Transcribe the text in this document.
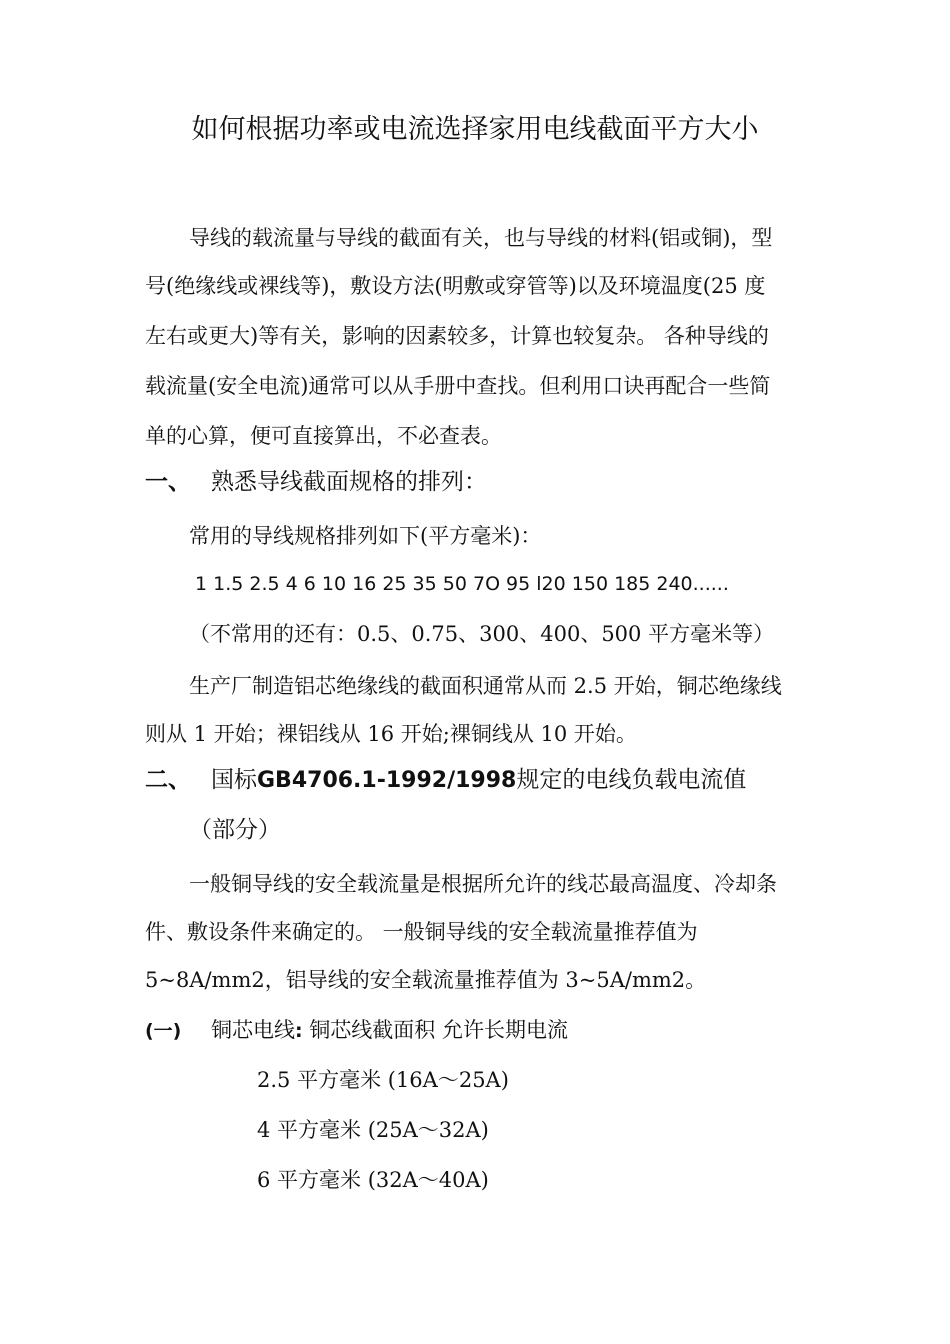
如何根据功率或电流选择家用电线截面平方大小
导线的载流量与导线的截面有关，也与导线的材料(铝或铜)，型
号(绝缘线或裸线等)，敷设方法(明敷或穿管等)以及环境温度(25 度
左右或更大)等有关，影响的因素较多，计算也较复杂。 各种导线的
载流量(安全电流)通常可以从手册中查找。但利用口诀再配合一些简
单的心算，便可直接算出，不必查表。
一、 熟悉导线截面规格的排列：
常用的导线规格排列如下(平方毫米)：
1 1.5 2.5 4 6 10 16 25 35 50 7O 95 l20 150 185 240......
（不常用的还有：0.5、0.75、300、400、500 平方毫米等）
生产厂制造铝芯绝缘线的截面积通常从而 2.5 开始，铜芯绝缘线
则从 1 开始；裸铝线从 16 开始;裸铜线从 10 开始。
二、 国标GB4706.1-1992/1998规定的电线负载电流值
（部分）
一般铜导线的安全载流量是根据所允许的线芯最高温度、冷却条
件、敷设条件来确定的。 一般铜导线的安全载流量推荐值为
5~8A/mm2，铝导线的安全载流量推荐值为 3~5A/mm2。
(一) 铜芯电线: 铜芯线截面积 允许长期电流
2.5 平方毫米 (16A～25A)
4 平方毫米 (25A～32A)
6 平方毫米 (32A～40A)
